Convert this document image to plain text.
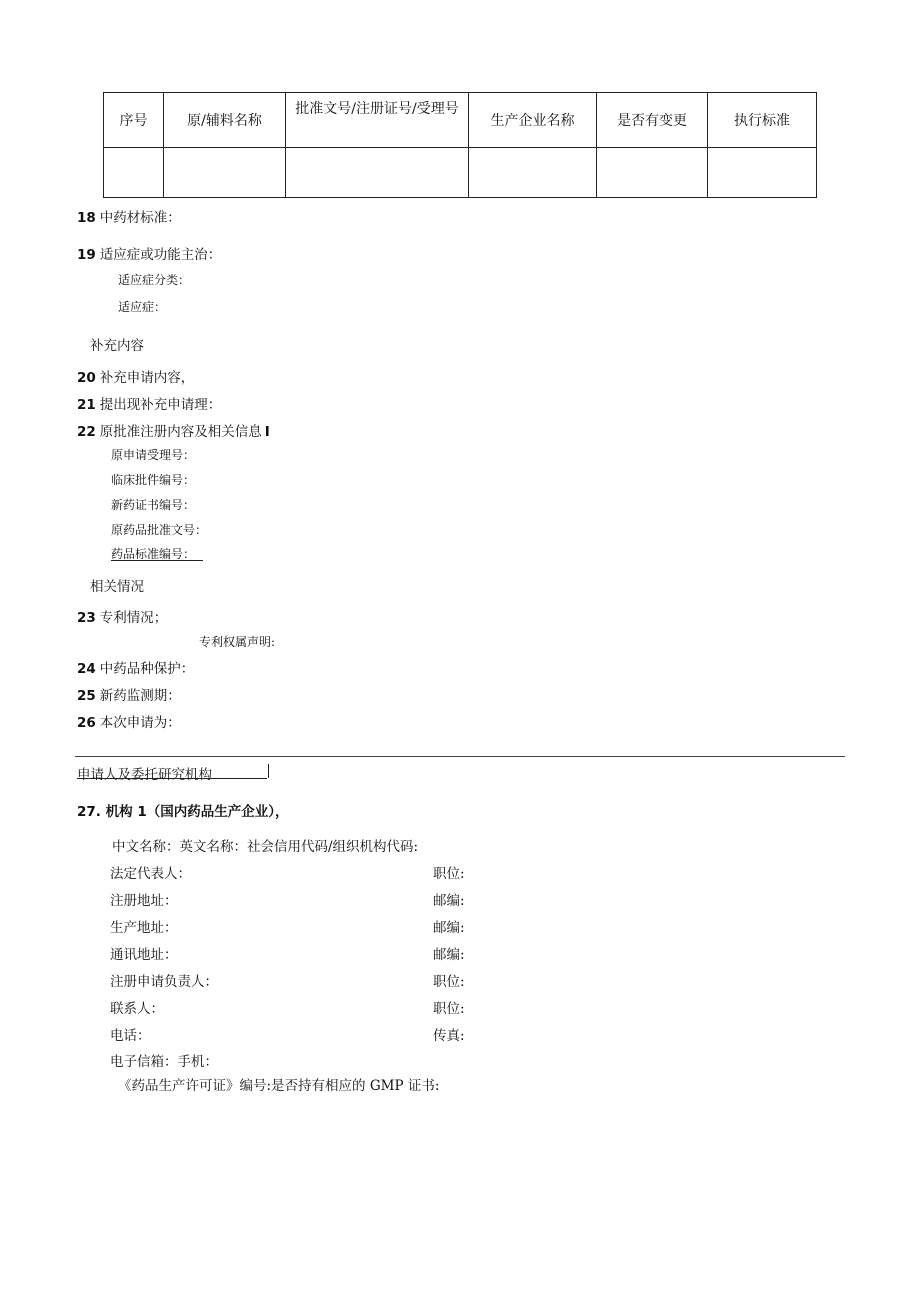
序号	原/辅料名称	批准文号/注册证号/受理号	生产企业名称	是否有变更	执行标准

18 中药材标准：
19 适应症或功能主治：
适应症分类：
适应症：
补充内容
20 补充申请内容，
21 提出现补充申请理：
22 原批准注册内容及相关信息 I
原申请受理号：
临床批件编号：
新药证书编号：
原药品批准文号：
药品标准编号：
相关情况
23 专利情况；
专利权属声明:
24 中药品种保护：
25 新药监测期：
26 本次申请为：
申请人及委托研究机构
27. 机构 1（国内药品生产企业），
中文名称：英文名称：社会信用代码/组织机构代码:
法定代表人：	职位:
注册地址：	邮编:
生产地址：	邮编:
通讯地址：	邮编:
注册申请负责人：	职位:
联系人：	职位:
电话：	传真:
电子信箱：手机：
《药品生产许可证》编号:是否持有相应的 GMP 证书:
